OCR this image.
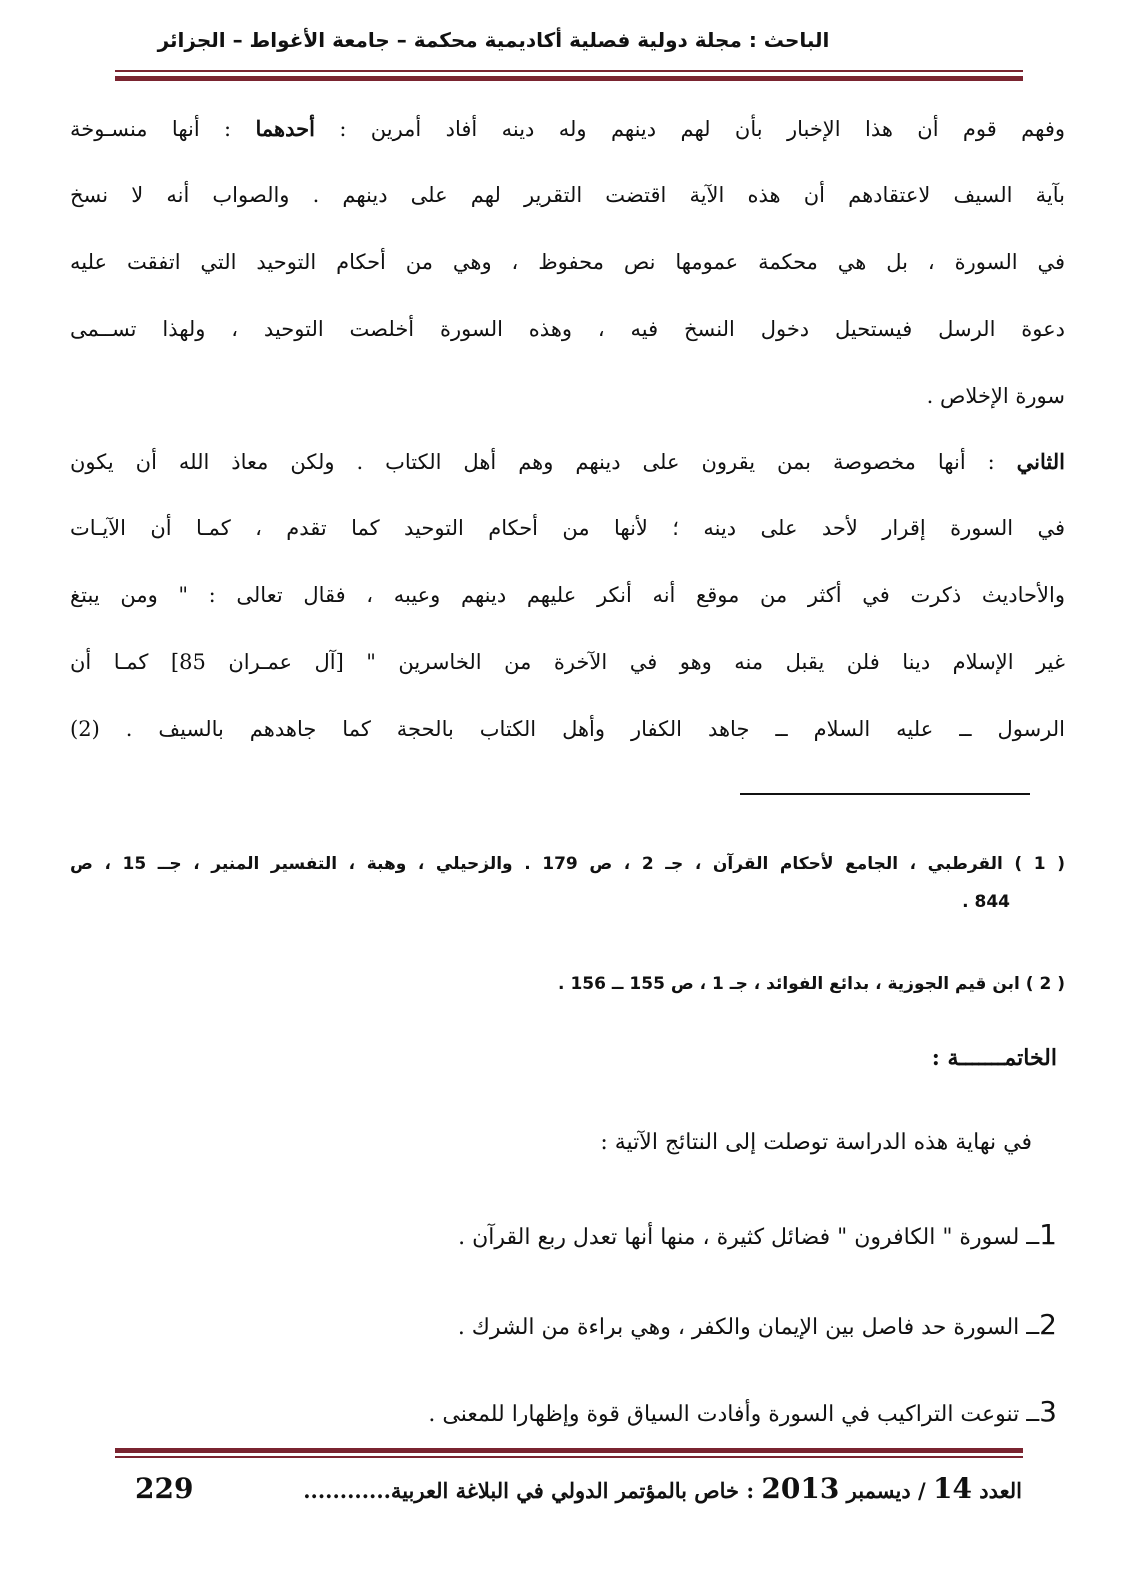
الباحث : مجلة دولية فصلية أكاديمية محكمة – جامعة الأغواط – الجزائر
وفهم قوم أن هذا الإخبار بأن لهم دينهم وله دينه أفاد أمرين : أحدهما : أنها منسـوخة
بآية السيف لاعتقادهم أن هذه الآية اقتضت التقرير لهم على دينهم . والصواب أنه لا نسخ
في السورة ، بل هي محكمة عمومها نص محفوظ ، وهي من أحكام التوحيد التي اتفقت عليه
دعوة الرسل فيستحيل دخول النسخ فيه ، وهذه السورة أخلصت التوحيد ، ولهذا تســمى
سورة الإخلاص .
الثاني : أنها مخصوصة بمن يقرون على دينهم وهم أهل الكتاب . ولكن معاذ الله أن يكون
في السورة إقرار لأحد على دينه ؛ لأنها من أحكام التوحيد كما تقدم ، كمـا أن الآيـات
والأحاديث ذكرت في أكثر من موقع أنه أنكر عليهم دينهم وعيبه ، فقال تعالى : " ومن يبتغ
غير الإسلام دينا فلن يقبل منه وهو في الآخرة من الخاسرين " [آل عمـران 85] كمـا أن
الرسول ــ عليه السلام ــ جاهد الكفار وأهل الكتاب بالحجة كما جاهدهم بالسيف . (2)
( 1 ) القرطبي ، الجامع لأحكام القرآن ، جـ 2 ، ص 179 . والزحيلي ، وهبة ، التفسير المنير ، جــ 15 ، ص
844 .
( 2 ) ابن قيم الجوزية ، بدائع الفوائد ، جـ 1 ، ص 155 ــ 156 .
الخاتمـــــــة :
في نهاية هذه الدراسة توصلت إلى النتائج الآتية :
1ــ لسورة " الكافرون " فضائل كثيرة ، منها أنها تعدل ربع القرآن .
2ــ السورة حد فاصل بين الإيمان والكفر ، وهي براءة من الشرك .
3ــ تنوعت التراكيب في السورة وأفادت السياق قوة وإظهارا للمعنى .
العدد 14 / ديسمبر 2013 : خاص بالمؤتمر الدولي في البلاغة العربية............
229
